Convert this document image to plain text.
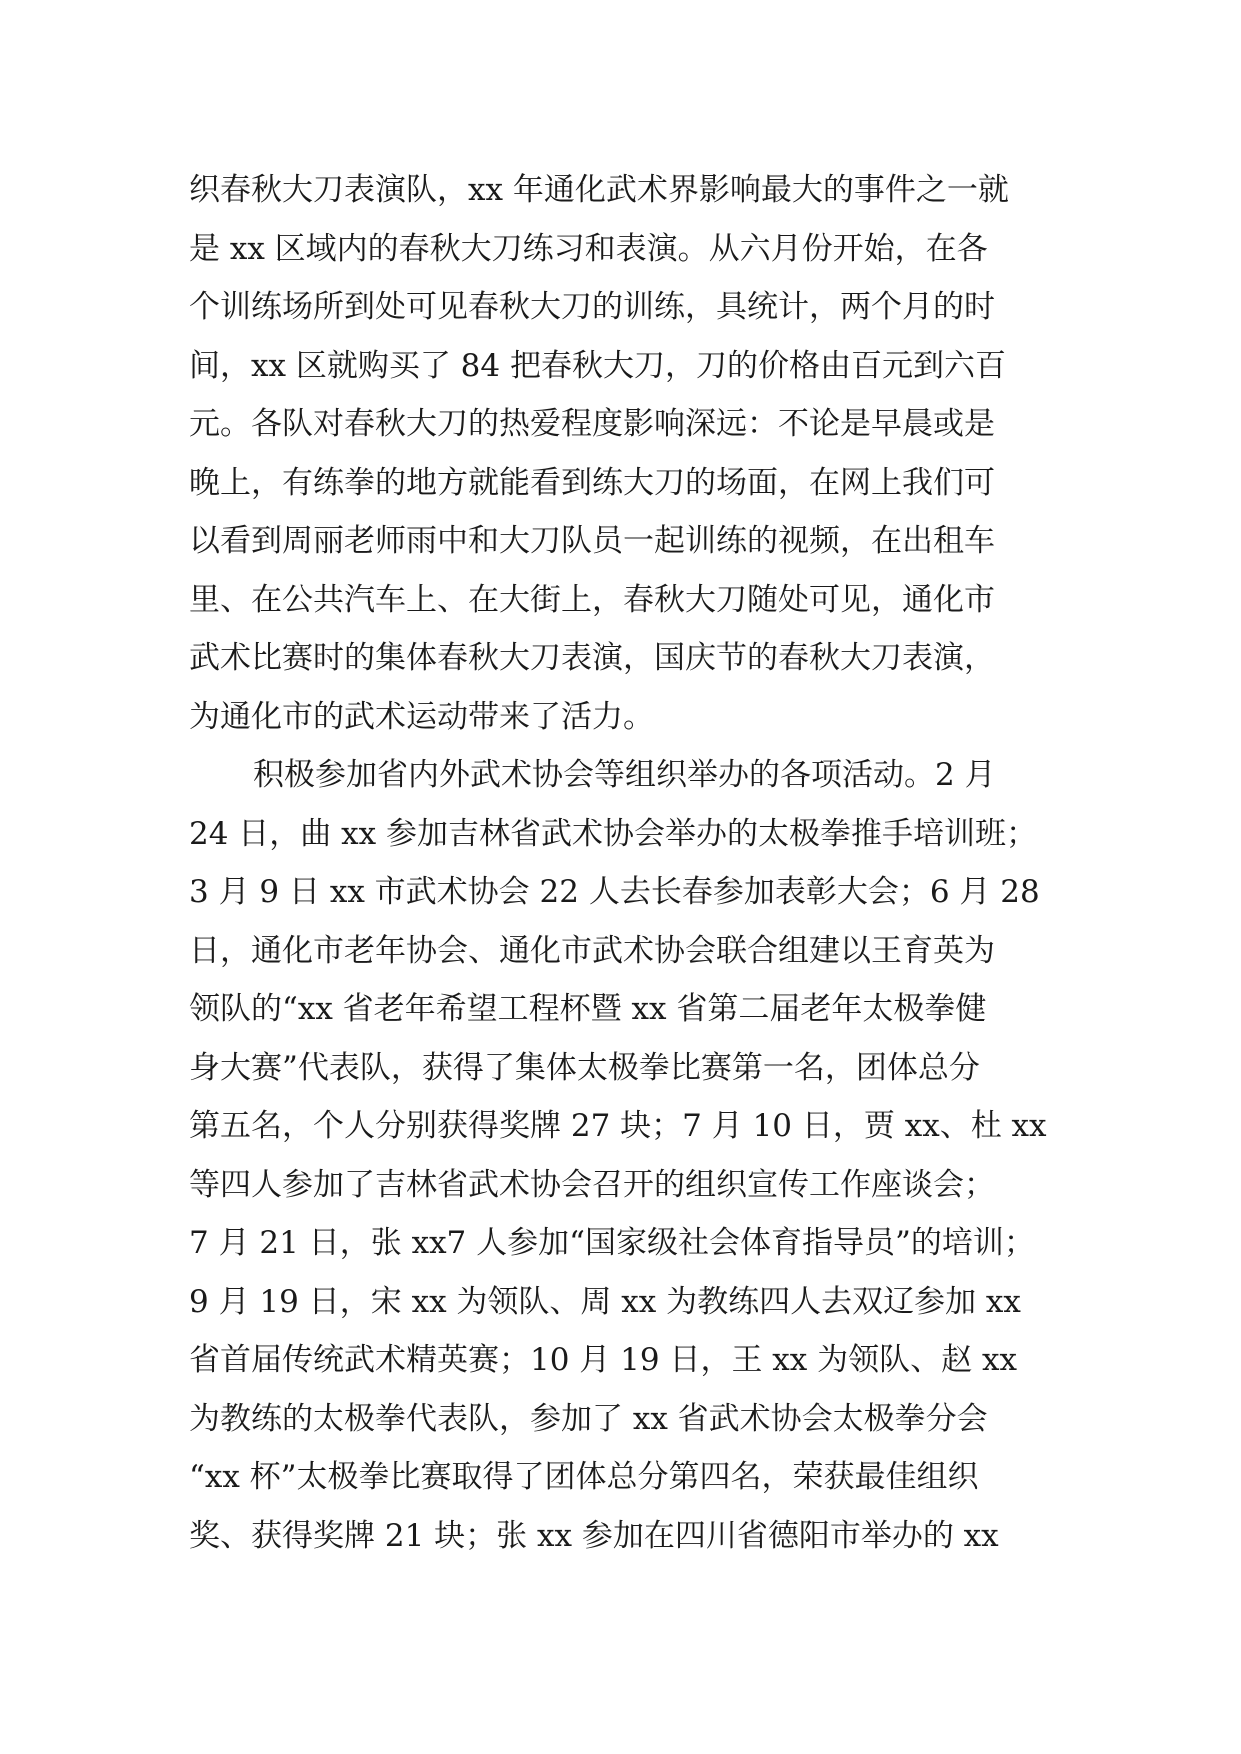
织春秋大刀表演队，xx 年通化武术界影响最大的事件之一就
是 xx 区域内的春秋大刀练习和表演。从六月份开始，在各
个训练场所到处可见春秋大刀的训练，具统计，两个月的时
间，xx 区就购买了 84 把春秋大刀，刀的价格由百元到六百
元。各队对春秋大刀的热爱程度影响深远：不论是早晨或是
晚上，有练拳的地方就能看到练大刀的场面，在网上我们可
以看到周丽老师雨中和大刀队员一起训练的视频，在出租车
里、在公共汽车上、在大街上，春秋大刀随处可见，通化市
武术比赛时的集体春秋大刀表演，国庆节的春秋大刀表演，
为通化市的武术运动带来了活力。
积极参加省内外武术协会等组织举办的各项活动。2 月
24 日，曲 xx 参加吉林省武术协会举办的太极拳推手培训班；
3 月 9 日 xx 市武术协会 22 人去长春参加表彰大会；6 月 28
日，通化市老年协会、通化市武术协会联合组建以王育英为
领队的“xx 省老年希望工程杯暨 xx 省第二届老年太极拳健
身大赛”代表队，获得了集体太极拳比赛第一名，团体总分
第五名，个人分别获得奖牌 27 块；7 月 10 日，贾 xx、杜 xx
等四人参加了吉林省武术协会召开的组织宣传工作座谈会；
7 月 21 日，张 xx7 人参加“国家级社会体育指导员”的培训；
9 月 19 日，宋 xx 为领队、周 xx 为教练四人去双辽参加 xx
省首届传统武术精英赛；10 月 19 日，王 xx 为领队、赵 xx
为教练的太极拳代表队，参加了 xx 省武术协会太极拳分会
“xx 杯”太极拳比赛取得了团体总分第四名，荣获最佳组织
奖、获得奖牌 21 块；张 xx 参加在四川省德阳市举办的 xx
